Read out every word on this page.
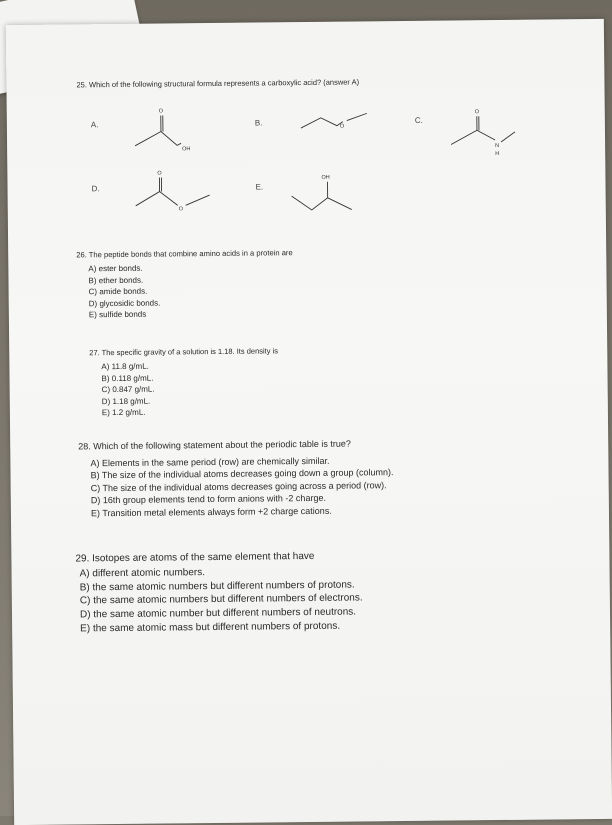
25. Which of the following structural formula represents a carboxylic acid? (answer A)
A.	B.	C.
D.	E.
O
OH
O
O
N
H
O
O
OH
26. The peptide bonds that combine amino acids in a protein are
A) ester bonds.
B) ether bonds.
C) amide bonds.
D) glycosidic bonds.
E) sulfide bonds
27. The specific gravity of a solution is 1.18. Its density is
A) 11.8 g/mL.
B) 0.118 g/mL.
C) 0.847 g/mL.
D) 1.18 g/mL.
E) 1.2 g/mL.
28. Which of the following statement about the periodic table is true?
A) Elements in the same period (row) are chemically similar.
B) The size of the individual atoms decreases going down a group (column).
C) The size of the individual atoms decreases going across a period (row).
D) 16th group elements tend to form anions with -2 charge.
E) Transition metal elements always form +2 charge cations.
29. Isotopes are atoms of the same element that have
A) different atomic numbers.
B) the same atomic numbers but different numbers of protons.
C) the same atomic numbers but different numbers of electrons.
D) the same atomic number but different numbers of neutrons.
E) the same atomic mass but different numbers of protons.
